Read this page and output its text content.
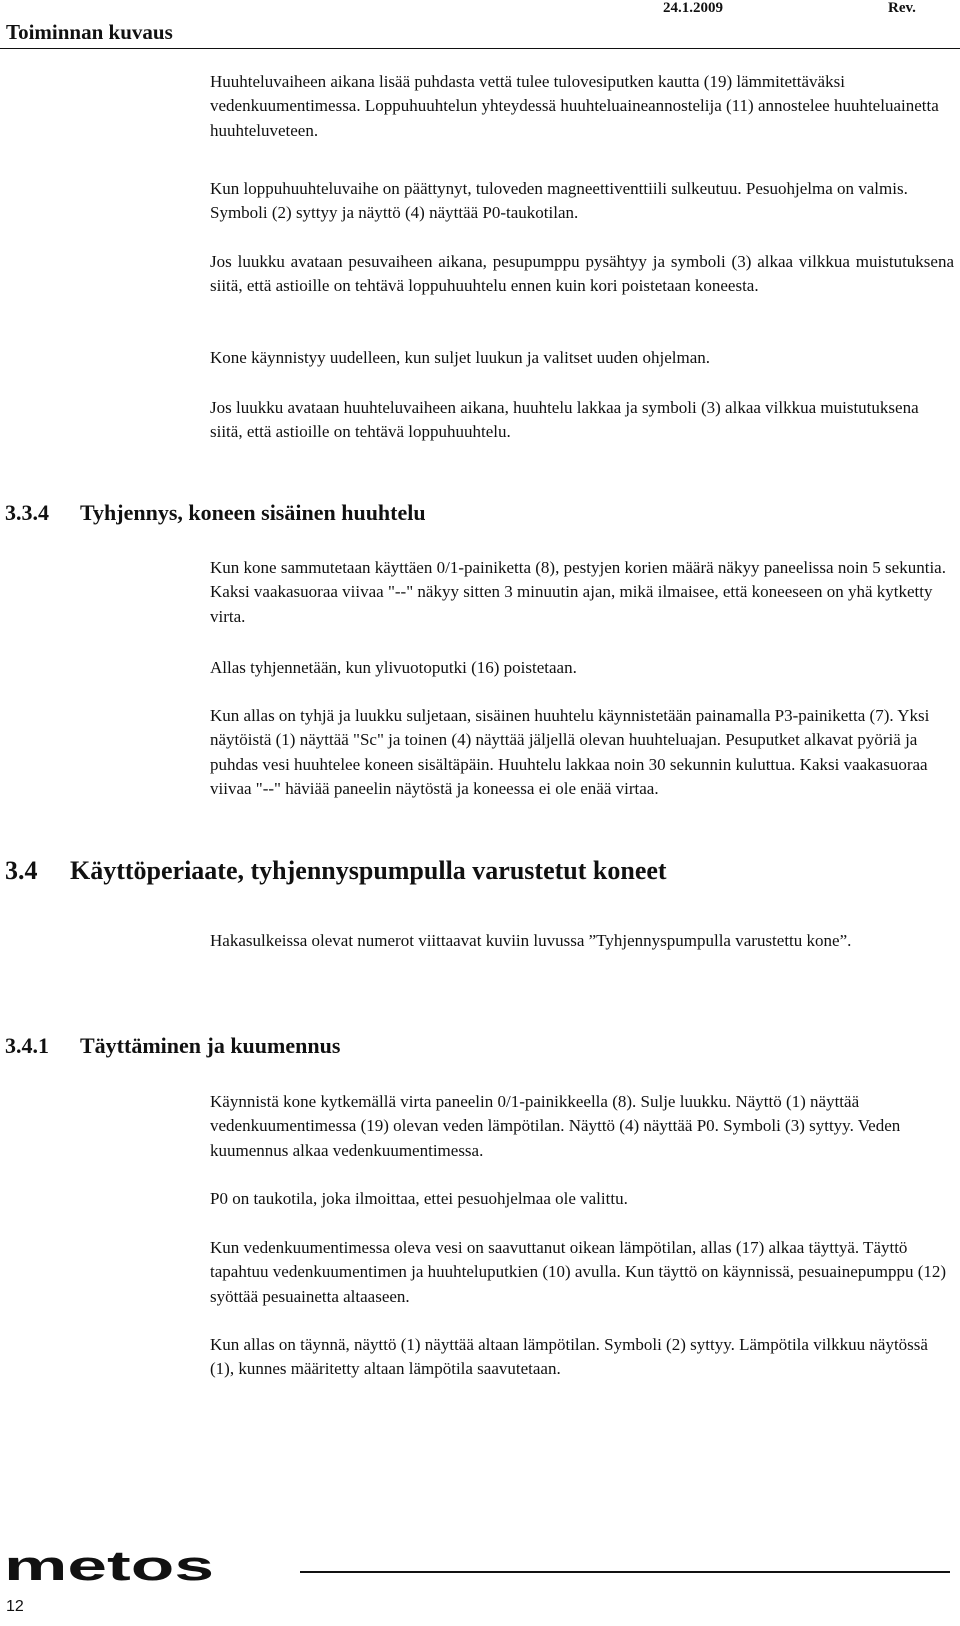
Toiminnan kuvaus
24.1.2009	Rev.

Huuhteluvaiheen aikana lisää puhdasta vettä tulee tulovesiputken kautta (19) lämmitettäväksi vedenkuumentimessa. Loppuhuuhtelun yhteydessä huuhteluaineannostelija (11) annostelee huuhteluainetta huuhteluveteen.

Kun loppuhuuhteluvaihe on päättynyt, tuloveden magneettiventtiili sulkeutuu. Pesuohjelma on valmis. Symboli (2) syttyy ja näyttö (4) näyttää P0-taukotilan.

Jos luukku avataan pesuvaiheen aikana, pesupumppu pysähtyy ja symboli (3) alkaa vilkkua muistutuksena siitä, että astioille on tehtävä loppuhuuhtelu ennen kuin kori poistetaan koneesta.

Kone käynnistyy uudelleen, kun suljet luukun ja valitset uuden ohjelman.

Jos luukku avataan huuhteluvaiheen aikana, huuhtelu lakkaa ja symboli (3) alkaa vilkkua muistutuksena siitä, että astioille on tehtävä loppuhuuhtelu.

3.3.4 Tyhjennys, koneen sisäinen huuhtelu

Kun kone sammutetaan käyttäen 0/1-painiketta (8), pestyjen korien määrä näkyy paneelissa noin 5 sekuntia. Kaksi vaakasuoraa viivaa "--" näkyy sitten 3 minuutin ajan, mikä ilmaisee, että koneeseen on yhä kytketty virta.

Allas tyhjennetään, kun ylivuotoputki (16) poistetaan.

Kun allas on tyhjä ja luukku suljetaan, sisäinen huuhtelu käynnistetään painamalla P3-painiketta (7). Yksi näytöistä (1) näyttää "Sc" ja toinen (4) näyttää jäljellä olevan huuhteluajan. Pesuputket alkavat pyöriä ja puhdas vesi huuhtelee koneen sisältäpäin. Huuhtelu lakkaa noin 30 sekunnin kuluttua. Kaksi vaakasuoraa viivaa "--" häviää paneelin näytöstä ja koneessa ei ole enää virtaa.

3.4 Käyttöperiaate, tyhjennyspumpulla varustetut koneet

Hakasulkeissa olevat numerot viittaavat kuviin luvussa ”Tyhjennyspumpulla varustettu kone”.

3.4.1 Täyttäminen ja kuumennus

Käynnistä kone kytkemällä virta paneelin 0/1-painikkeella (8). Sulje luukku. Näyttö (1) näyttää vedenkuumentimessa (19) olevan veden lämpötilan. Näyttö (4) näyttää P0. Symboli (3) syttyy. Veden kuumennus alkaa vedenkuumentimessa.

P0 on taukotila, joka ilmoittaa, ettei pesuohjelmaa ole valittu.

Kun vedenkuumentimessa oleva vesi on saavuttanut oikean lämpötilan, allas (17) alkaa täyttyä. Täyttö tapahtuu vedenkuumentimen ja huuhteluputkien (10) avulla. Kun täyttö on käynnissä, pesuainepumppu (12) syöttää pesuainetta altaaseen.

Kun allas on täynnä, näyttö (1) näyttää altaan lämpötilan. Symboli (2) syttyy. Lämpötila vilkkuu näytössä (1), kunnes määritetty altaan lämpötila saavutetaan.

metos
12
